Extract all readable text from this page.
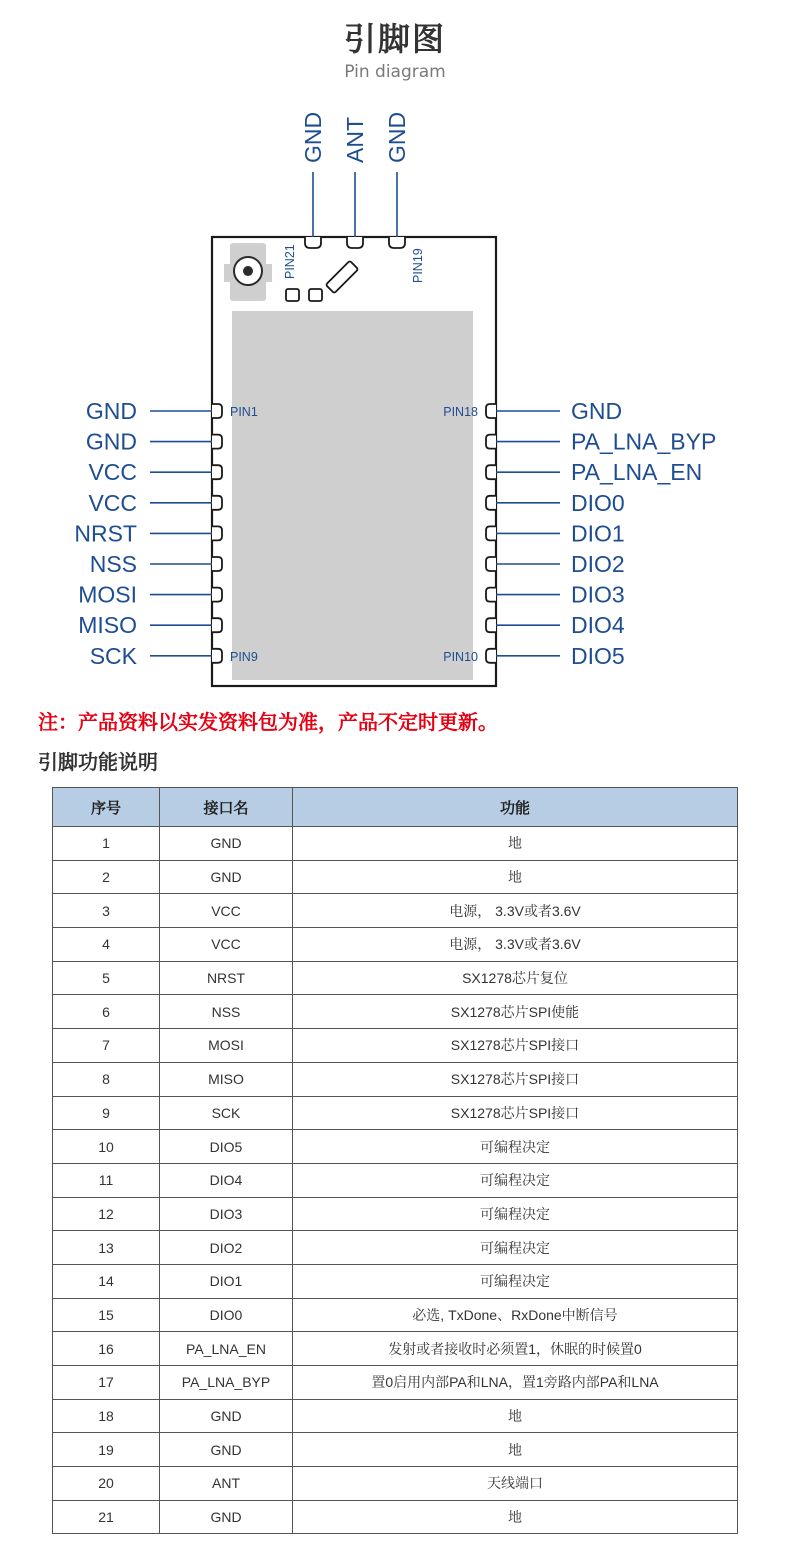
引脚图
Pin diagram
GND ANT GND
PIN21	PIN19
GND
GND
VCC
VCC
NRST
NSS
MOSI
MISO
SCK
GND
PA_LNA_BYP
PA_LNA_EN
DIO0
DIO1
DIO2
DIO3
DIO4
DIO5
PIN1
PIN9
PIN18
PIN10
注：产品资料以实发资料包为准，产品不定时更新。
引脚功能说明
序号	接口名	功能
1	GND	地
2	GND	地
3	VCC	电源， 3.3V或者3.6V
4	VCC	电源， 3.3V或者3.6V
5	NRST	SX1278芯片复位
6	NSS	SX1278芯片SPI使能
7	MOSI	SX1278芯片SPI接口
8	MISO	SX1278芯片SPI接口
9	SCK	SX1278芯片SPI接口
10	DIO5	可编程决定
11	DIO4	可编程决定
12	DIO3	可编程决定
13	DIO2	可编程决定
14	DIO1	可编程决定
15	DIO0	必选, TxDone、RxDone中断信号
16	PA_LNA_EN	发射或者接收时必须置1，休眠的时候置0
17	PA_LNA_BYP	置0启用内部PA和LNA，置1旁路内部PA和LNA
18	GND	地
19	GND	地
20	ANT	天线端口
21	GND	地
